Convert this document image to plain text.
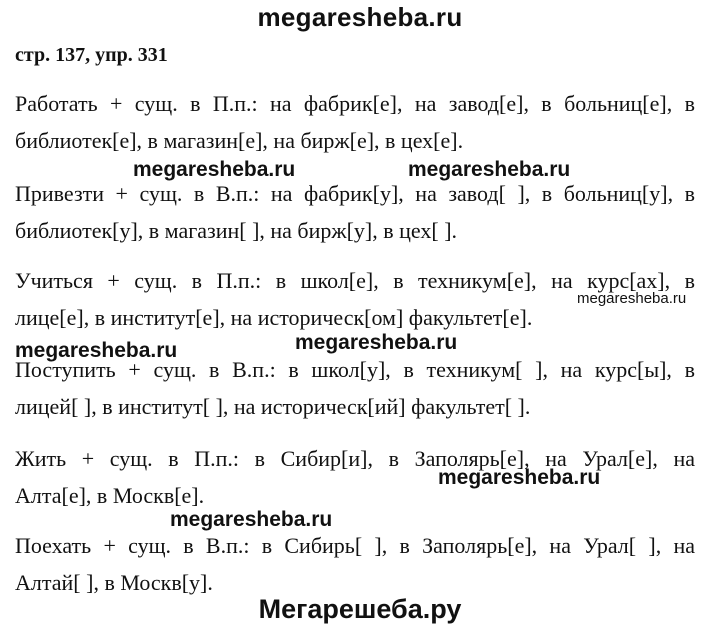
megaresheba.ru
стр. 137, упр. 331
Работать + сущ. в П.п.: на фабрик[е], на завод[е], в больниц[е], в
библиотек[е], в магазин[е], на бирж[е], в цех[е].
Привезти + сущ. в В.п.: на фабрик[у], на завод[ ], в больниц[у], в
библиотек[у], в магазин[ ], на бирж[у], в цех[ ].
Учиться + сущ. в П.п.: в школ[е], в техникум[е], на курс[ах], в
лице[е], в институт[е], на историческ[ом] факультет[е].
Поступить + сущ. в В.п.: в школ[у], в техникум[ ], на курс[ы], в
лицей[ ], в институт[ ], на историческ[ий] факультет[ ].
Жить + сущ. в П.п.: в Сибир[и], в Заполярь[е], на Урал[е], на
Алта[е], в Москв[е].
Поехать + сущ. в В.п.: в Сибирь[ ], в Заполярь[е], на Урал[ ], на
Алтай[ ], в Москв[у].
megaresheba.ru	megaresheba.ru
megaresheba.ru
megaresheba.ru
megaresheba.ru
megaresheba.ru
megaresheba.ru
Мегарешеба.ру
